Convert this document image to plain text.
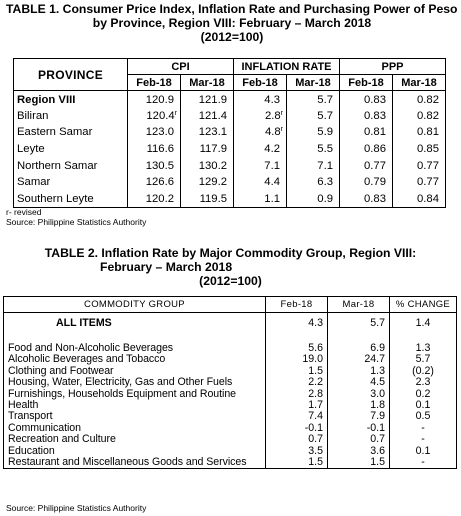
TABLE 1. Consumer Price Index, Inflation Rate and Purchasing Power of Peso
by Province, Region VIII: February – March 2018
(2012=100)
PROVINCE	CPI		INFLATION RATE		PPP	
	Feb-18	Mar-18	Feb-18	Mar-18	Feb-18	Mar-18
Region VIII	120.9	121.9	4.3	5.7	0.83	0.82
Biliran	120.4$^r$	121.4	2.8$^r$	5.7	0.83	0.82
Eastern Samar	123.0	123.1	4.8$^r$	5.9	0.81	0.81
Leyte	116.6	117.9	4.2	5.5	0.86	0.85
Northern Samar	130.5	130.2	7.1	7.1	0.77	0.77
Samar	126.6	129.2	4.4	6.3	0.79	0.77
Southern Leyte	120.2	119.5	1.1	0.9	0.83	0.84
r- revised
Source: Philippine Statistics Authority
TABLE 2. Inflation Rate by Major Commodity Group, Region VIII:
February – March 2018
(2012=100)
COMMODITY GROUP	Feb-18	Mar-18	% CHANGE
ALL ITEMS	4.3	5.7	1.4

Food and Non-Alcoholic Beverages	5.6	6.9	1.3
Alcoholic Beverages and Tobacco	19.0	24.7	5.7
Clothing and Footwear	1.5	1.3	(0.2)
Housing, Water, Electricity, Gas and Other Fuels	2.2	4.5	2.3
Furnishings, Households Equipment and Routine	2.8	3.0	0.2
Health	1.7	1.8	0.1
Transport	7.4	7.9	0.5
Communication	-0.1	-0.1	-
Recreation and Culture	0.7	0.7	-
Education	3.5	3.6	0.1
Restaurant and Miscellaneous Goods and Services	1.5	1.5	-
Source: Philippine Statistics Authority
